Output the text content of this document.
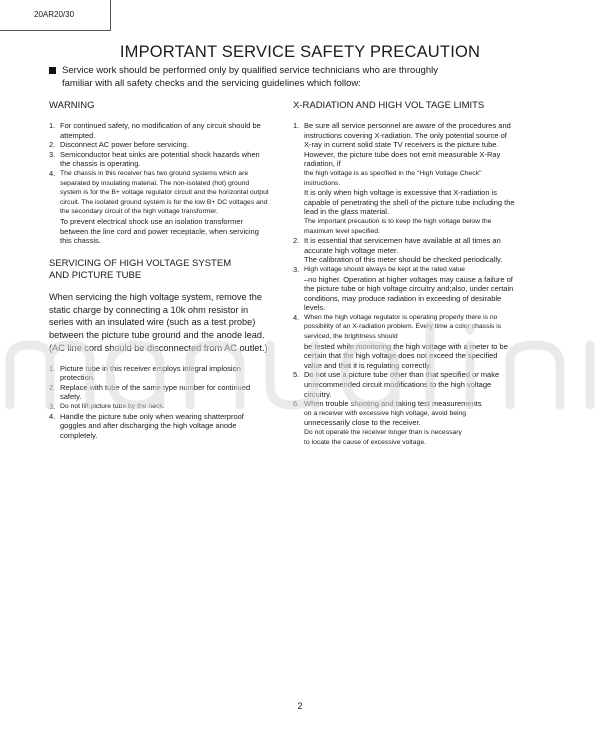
20AR20/30
IMPORTANT SERVICE SAFETY PRECAUTION
Service work should be performed only by qualified service technicians who are throughly familiar with all safety checks and the servicing guidelines which follow:
WARNING
1. For continued safety, no modification of any circuit should be attempted.
2. Disconnect AC power before servicing.
3. Semiconductor heat sinks are potential shock hazards when the chassis is operating.
4. The chassis in this receiver has two ground systems which are separated by insulating material. The non-isolated (hot) ground system is for the B+ voltage regulator circuit and the horizontal output circuit. The isolated ground system is for the low B+ DC voltages and the secondary circuit of the high voltage transformer.
To prevent electrical shock use an isolation transformer between the line cord and power receptacle, when servicing this chassis.
SERVICING OF HIGH VOLTAGE SYSTEM
AND PICTURE TUBE

When servicing the high voltage system, remove the static charge by connecting a 10k ohm resistor in series with an insulated wire (such as a test probe) between the picture tube ground and the anode lead. (AC line cord should be disconnected from AC outlet.)

1. Picture tube in this receiver employs integral implosion protection.
2. Replace with tube of the same type number for continued safety.
3. Do not lift picture tube by the neck.
4. Handle the picture tube only when wearing shatterproof goggles and after discharging the high voltage anode completely.
X-RADIATION AND HIGH VOL TAGE LIMITS
1. Be sure all service personnel are aware of the procedures and instructions covering X-radiation. The only potential source of X-ray in current solid state TV receivers is the picture tube. However, the picture tube does not emit measurable X-Ray radiation, if
the high voltage is as specified in the "High Voltage Check" instructions.
It is only when high voltage is excessive that X-radiation is capable of penetrating the shell of the picture tube including the lead in the glass material.
The important precaution is to keep the high voltage below the maximum level specified.
2. It is essential that servicemen have available at all times an accurate high voltage meter.
The calibration of this meter should be checked periodically.
3. High voltage should always be kept at the rated value
–no higher. Operation at higher voltages may cause a failure of the picture tube or high voltage circuitry and;also, under certain conditions, may produce radiation in exceeding of desirable levels.
4. When the high voltage regulator is operating properly there is no possibility of an X-radiation problem. Every time a color chassis is serviced, the brightness should
be tested while monitoring the high voltage with a meter to be certain that the high voltage does not exceed the specified value and that it is regulating correctly.
5. Do not use a picture tube other than that specified or make unrecommended circuit modifications to the high voltage circuitry.
6. When trouble shooting and taking test measurements
on a receiver with excessive high voltage, avoid being
unnecessarily close to the receiver.
Do not operate the receiver longer than is necessary
to locate the cause of excessive voltage.
2
